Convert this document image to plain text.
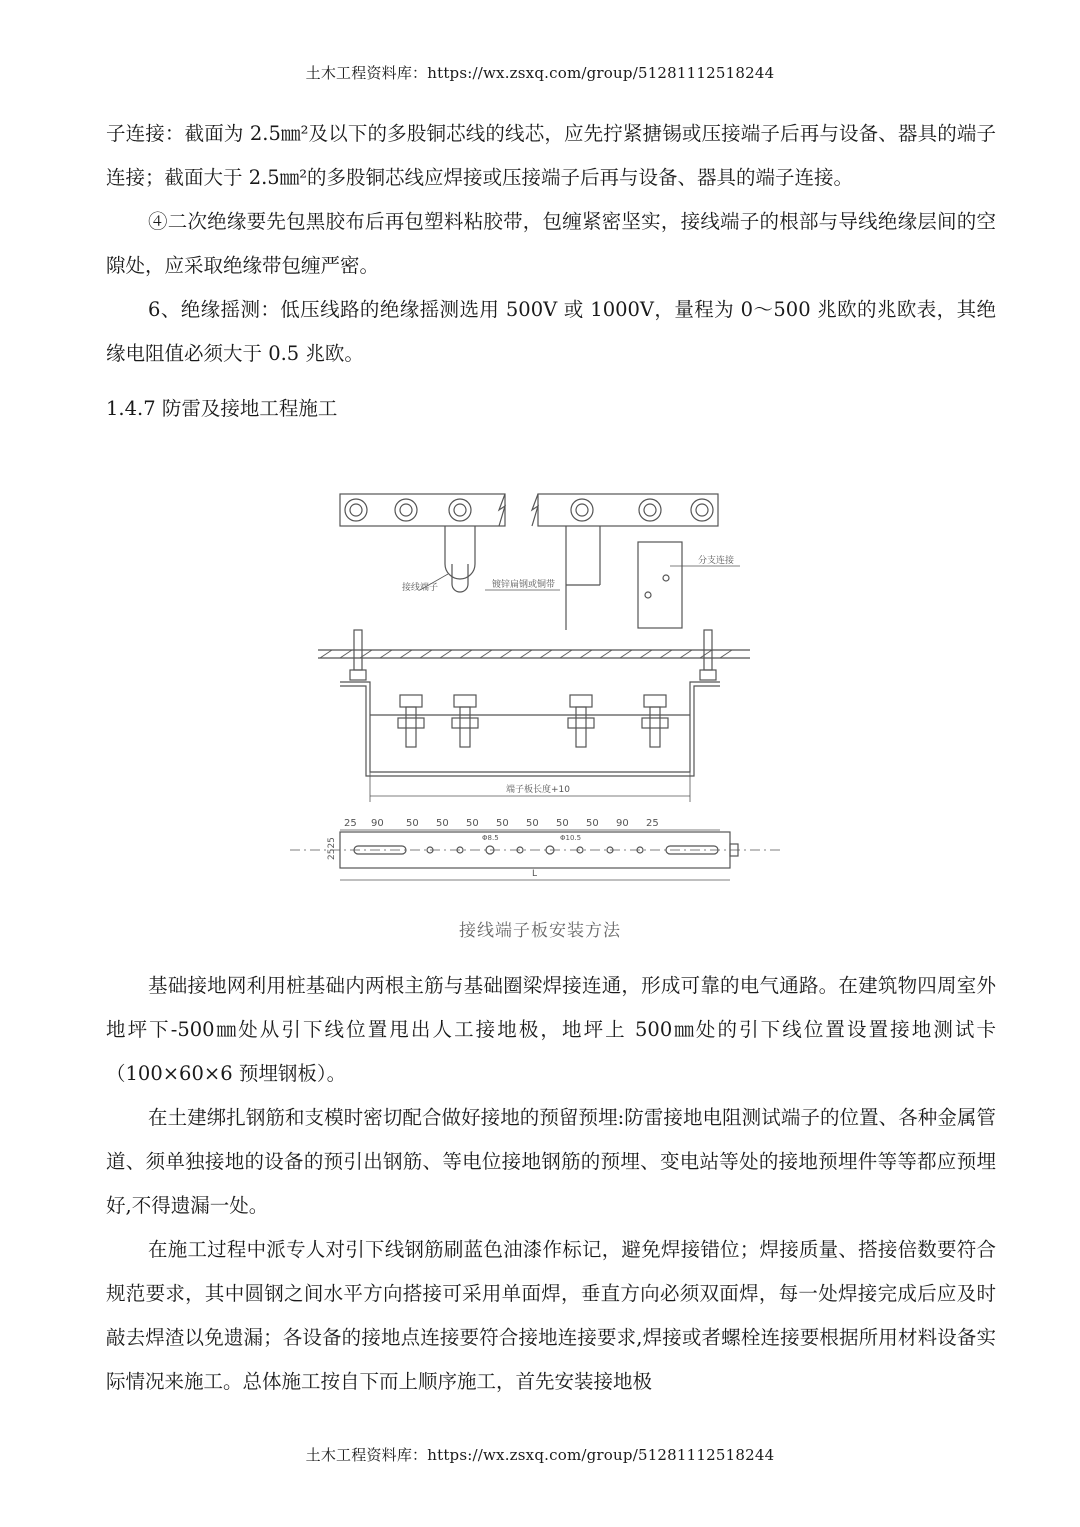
土木工程资料库：https://wx.zsxq.com/group/51281112518244

子连接：截面为 2.5㎜²及以下的多股铜芯线的线芯，应先拧紧搪锡或压接端子后再与设备、器具的端子连接；截面大于 2.5㎜²的多股铜芯线应焊接或压接端子后再与设备、器具的端子连接。

④二次绝缘要先包黑胶布后再包塑料粘胶带，包缠紧密坚实，接线端子的根部与导线绝缘层间的空隙处，应采取绝缘带包缠严密。

6、绝缘摇测：低压线路的绝缘摇测选用 500V 或 1000V，量程为 0～500 兆欧的兆欧表，其绝缘电阻值必须大于 0.5 兆欧。

1.4.7 防雷及接地工程施工
接线端子	镀锌扁钢或铜带
分支连接
端子板长度+10
25 90 50 50 50 50 50 50 50 90 25
Φ8.5	Φ10.5
2525
L
接线端子板安装方法

基础接地网利用桩基础内两根主筋与基础圈梁焊接连通，形成可靠的电气通路。在建筑物四周室外地坪下-500㎜处从引下线位置甩出人工接地极，地坪上 500㎜处的引下线位置设置接地测试卡（100×60×6 预埋钢板）。

在土建绑扎钢筋和支模时密切配合做好接地的预留预埋:防雷接地电阻测试端子的位置、各种金属管道、须单独接地的设备的预引出钢筋、等电位接地钢筋的预埋、变电站等处的接地预埋件等等都应预埋好,不得遗漏一处。

在施工过程中派专人对引下线钢筋刷蓝色油漆作标记，避免焊接错位；焊接质量、搭接倍数要符合规范要求，其中圆钢之间水平方向搭接可采用单面焊，垂直方向必须双面焊，每一处焊接完成后应及时敲去焊渣以免遗漏；各设备的接地点连接要符合接地连接要求,焊接或者螺栓连接要根据所用材料设备实际情况来施工。总体施工按自下而上顺序施工，首先安装接地极

土木工程资料库：https://wx.zsxq.com/group/51281112518244
